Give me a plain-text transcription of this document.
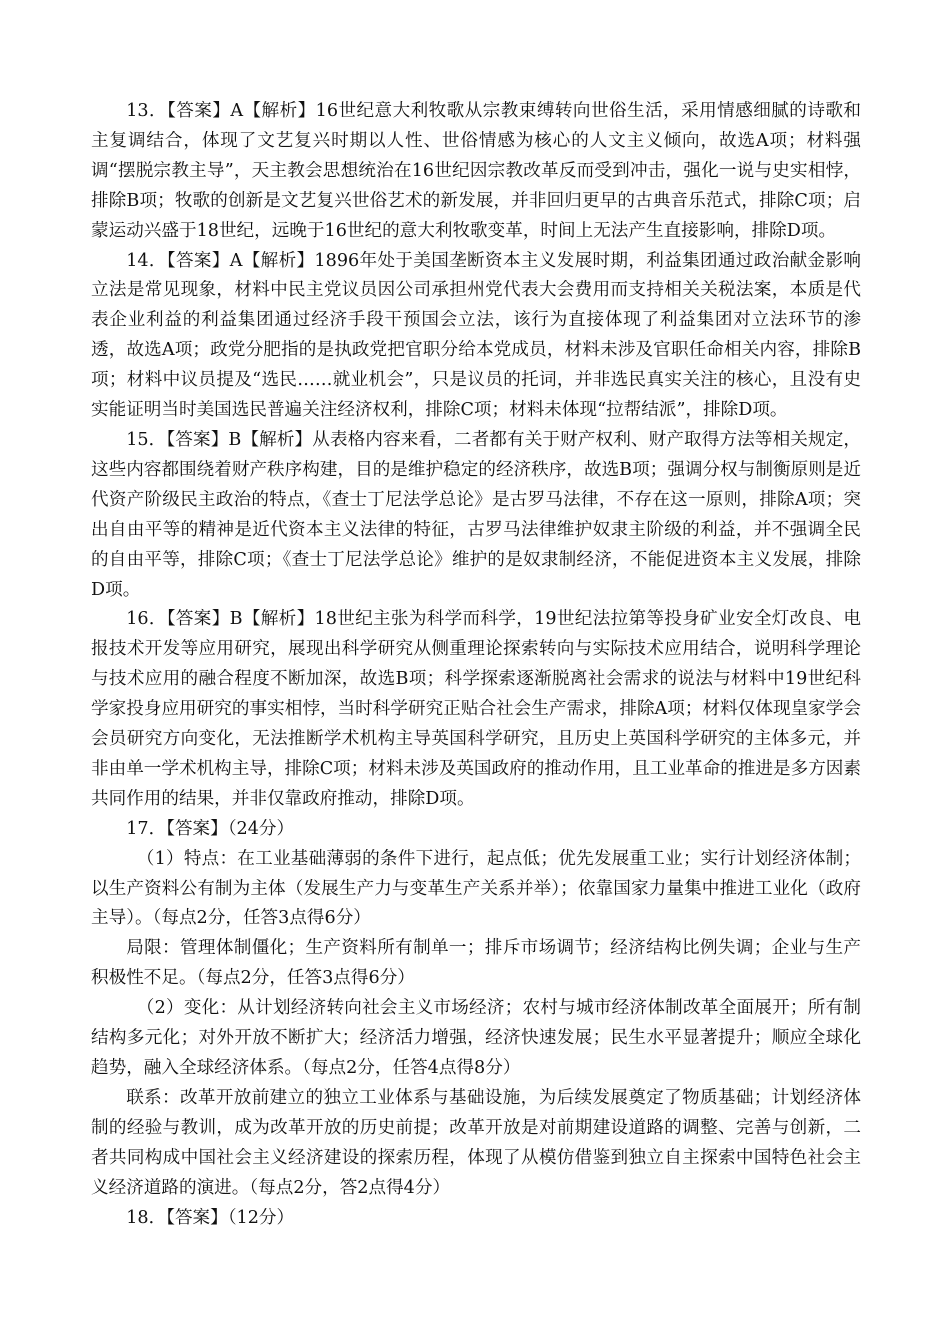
13．【答案】A【解析】16世纪意大利牧歌从宗教束缚转向世俗生活，采用情感细腻的诗歌和主复调结合，体现了文艺复兴时期以人性、世俗情感为核心的人文主义倾向，故选A项；材料强调“摆脱宗教主导”，天主教会思想统治在16世纪因宗教改革反而受到冲击，强化一说与史实相悖，排除B项；牧歌的创新是文艺复兴世俗艺术的新发展，并非回归更早的古典音乐范式，排除C项；启蒙运动兴盛于18世纪，远晚于16世纪的意大利牧歌变革，时间上无法产生直接影响，排除D项。

14．【答案】A【解析】1896年处于美国垄断资本主义发展时期，利益集团通过政治献金影响立法是常见现象，材料中民主党议员因公司承担州党代表大会费用而支持相关关税法案，本质是代表企业利益的利益集团通过经济手段干预国会立法，该行为直接体现了利益集团对立法环节的渗透，故选A项；政党分肥指的是执政党把官职分给本党成员，材料未涉及官职任命相关内容，排除B项；材料中议员提及“选民……就业机会”，只是议员的托词，并非选民真实关注的核心，且没有史实能证明当时美国选民普遍关注经济权利，排除C项；材料未体现“拉帮结派”，排除D项。

15．【答案】B【解析】从表格内容来看，二者都有关于财产权利、财产取得方法等相关规定，这些内容都围绕着财产秩序构建，目的是维护稳定的经济秩序，故选B项；强调分权与制衡原则是近代资产阶级民主政治的特点，《查士丁尼法学总论》是古罗马法律，不存在这一原则，排除A项；突出自由平等的精神是近代资本主义法律的特征，古罗马法律维护奴隶主阶级的利益，并不强调全民的自由平等，排除C项；《查士丁尼法学总论》维护的是奴隶制经济，不能促进资本主义发展，排除D项。

16．【答案】B【解析】18世纪主张为科学而科学，19世纪法拉第等投身矿业安全灯改良、电报技术开发等应用研究，展现出科学研究从侧重理论探索转向与实际技术应用结合，说明科学理论与技术应用的融合程度不断加深，故选B项；科学探索逐渐脱离社会需求的说法与材料中19世纪科学家投身应用研究的事实相悖，当时科学研究正贴合社会生产需求，排除A项；材料仅体现皇家学会会员研究方向变化，无法推断学术机构主导英国科学研究，且历史上英国科学研究的主体多元，并非由单一学术机构主导，排除C项；材料未涉及英国政府的推动作用，且工业革命的推进是多方因素共同作用的结果，并非仅靠政府推动，排除D项。

17．【答案】（24分）

（1）特点：在工业基础薄弱的条件下进行，起点低；优先发展重工业；实行计划经济体制；以生产资料公有制为主体（发展生产力与变革生产关系并举）；依靠国家力量集中推进工业化（政府主导）。（每点2分，任答3点得6分）

局限：管理体制僵化；生产资料所有制单一；排斥市场调节；经济结构比例失调；企业与生产积极性不足。（每点2分，任答3点得6分）

（2）变化：从计划经济转向社会主义市场经济；农村与城市经济体制改革全面展开；所有制结构多元化；对外开放不断扩大；经济活力增强，经济快速发展；民生水平显著提升；顺应全球化趋势，融入全球经济体系。（每点2分，任答4点得8分）

联系：改革开放前建立的独立工业体系与基础设施，为后续发展奠定了物质基础；计划经济体制的经验与教训，成为改革开放的历史前提；改革开放是对前期建设道路的调整、完善与创新，二者共同构成中国社会主义经济建设的探索历程，体现了从模仿借鉴到独立自主探索中国特色社会主义经济道路的演进。（每点2分，答2点得4分）

18．【答案】（12分）
